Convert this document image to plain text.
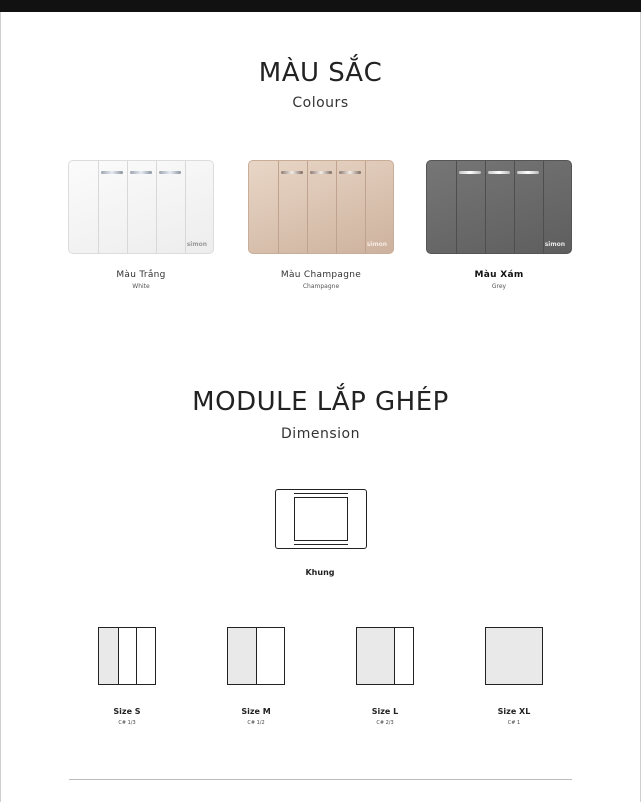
MÀU SẮC
Colours
simon	simon	simon
Màu Trắng
White
Màu Champagne
Champagne
Màu Xám
Grey
MODULE LẮP GHÉP
Dimension
Khung
Size S
C# 1/3
Size M
C# 1/2
Size L
C# 2/3
Size XL
C# 1
